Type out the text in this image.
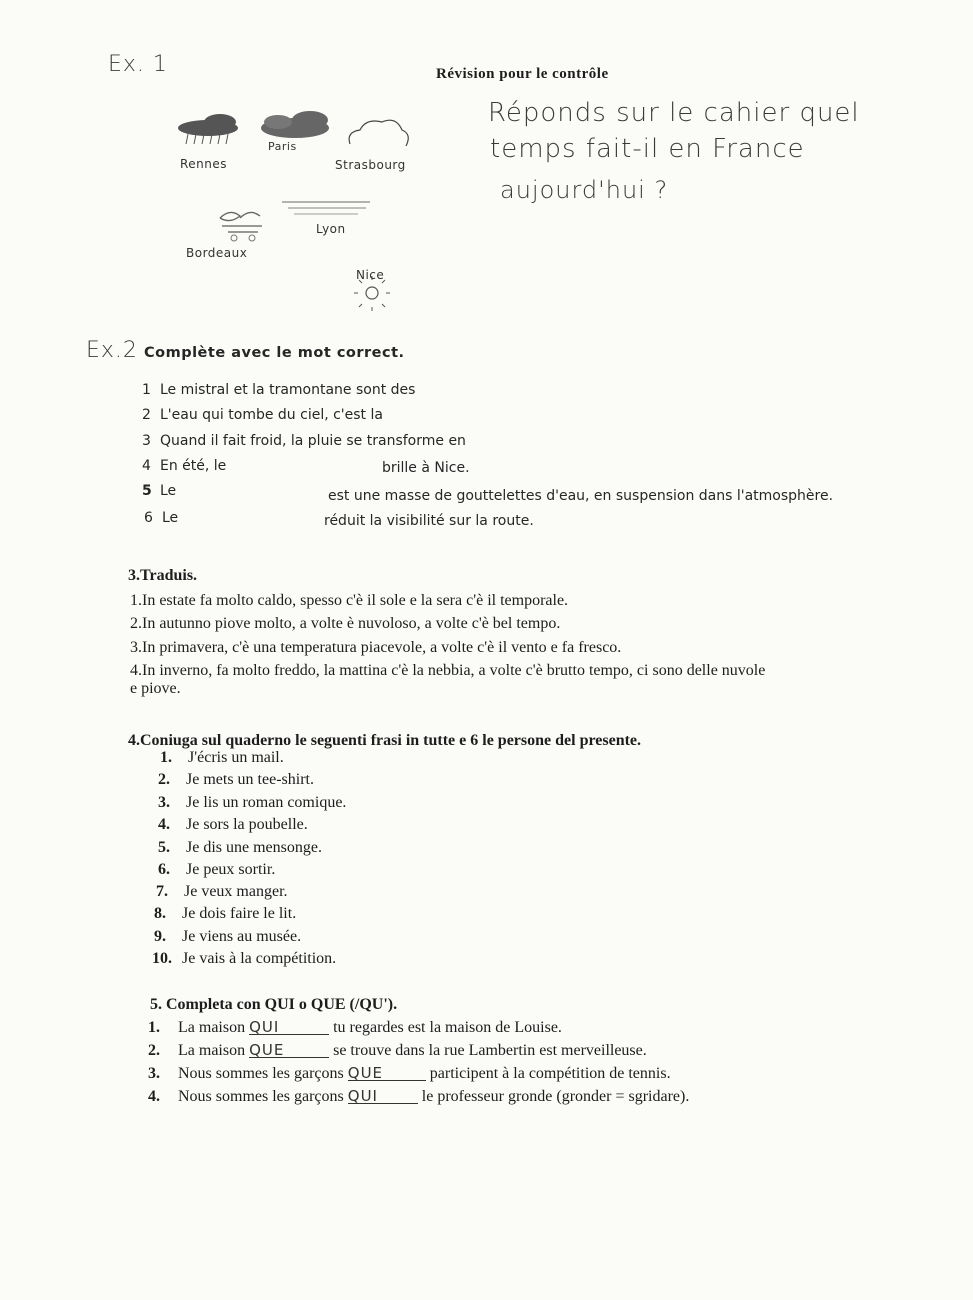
Ex. 1	Révision pour le contrôle
Rennes
Paris
Strasbourg
Lyon
Bordeaux
Nice
Réponds sur le cahier quel
temps fait-il en France
aujourd'hui ?
Ex.2 Complète avec le mot correct.
1 Le mistral et la tramontane sont des
2 L'eau qui tombe du ciel, c'est la
3 Quand il fait froid, la pluie se transforme en
4 En été, le	brille à Nice.
5 Le	est une masse de gouttelettes d'eau, en suspension dans l'atmosphère.
6 Le	réduit la visibilité sur la route.
3.Traduis.
1.In estate fa molto caldo, spesso c'è il sole e la sera c'è il temporale.
2.In autunno piove molto, a volte è nuvoloso, a volte c'è bel tempo.
3.In primavera, c'è una temperatura piacevole, a volte c'è il vento e fa fresco.
4.In inverno, fa molto freddo, la mattina c'è la nebbia, a volte c'è brutto tempo, ci sono delle nuvole
e piove.
4.Coniuga sul quaderno le seguenti frasi in tutte e 6 le persone del presente.
1. J'écris un mail.
2. Je mets un tee-shirt.
3. Je lis un roman comique.
4. Je sors la poubelle.
5. Je dis une mensonge.
6. Je peux sortir.
7. Je veux manger.
8. Je dois faire le lit.
9. Je viens au musée.
10. Je vais à la compétition.
5. Completa con QUI o QUE (/QU').
1. La maison QUI	tu regardes est la maison de Louise.
2. La maison QUE	se trouve dans la rue Lambertin est merveilleuse.
3. Nous sommes les garçons QUE	participent à la compétition de tennis.
4. Nous sommes les garçons QUI	le professeur gronde (gronder = sgridare).
